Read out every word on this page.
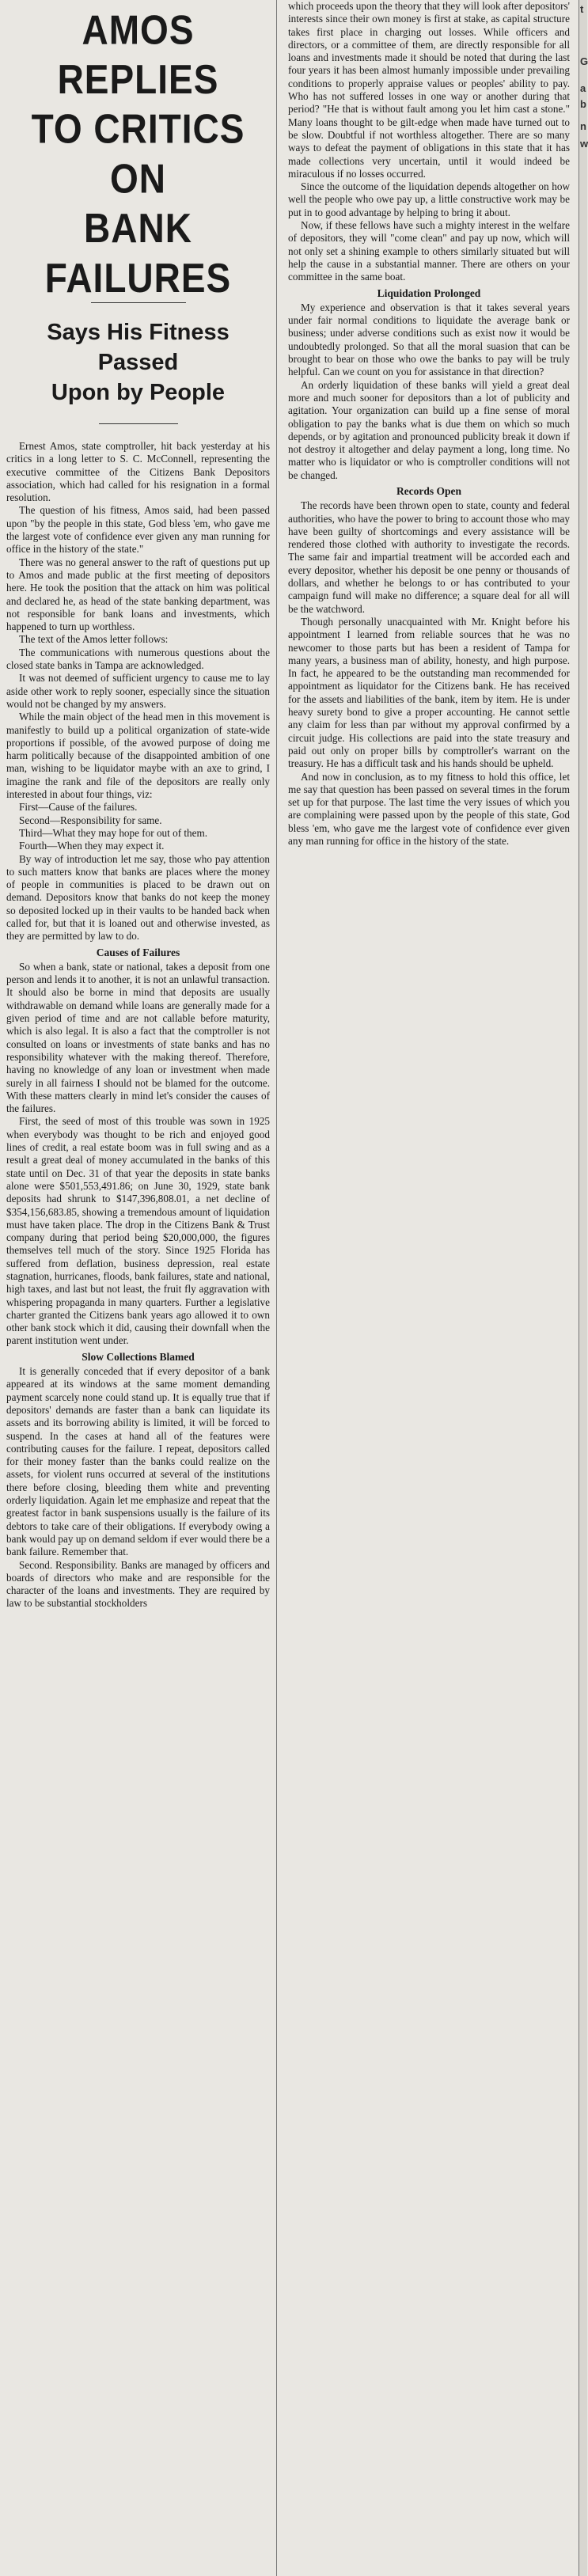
AMOS REPLIES
TO CRITICS ON
BANK FAILURES
Says His Fitness Passed
Upon by People

Ernest Amos, state comptroller, hit back yesterday at his critics in a long letter to S. C. McConnell, representing the executive committee of the Citizens Bank Depositors association, which had called for his resignation in a formal resolution.

The question of his fitness, Amos said, had been passed upon "by the people in this state, God bless 'em, who gave me the largest vote of confidence ever given any man running for office in the history of the state."

There was no general answer to the raft of questions put up to Amos and made public at the first meeting of depositors here. He took the position that the attack on him was political and declared he, as head of the state banking department, was not responsible for bank loans and investments, which happened to turn up worthless.

The text of the Amos letter follows:

The communications with numerous questions about the closed state banks in Tampa are acknowledged.

It was not deemed of sufficient urgency to cause me to lay aside other work to reply sooner, especially since the situation would not be changed by my answers.

While the main object of the head men in this movement is manifestly to build up a political organization of state-wide proportions if possible, of the avowed purpose of doing me harm politically because of the disappointed ambition of one man, wishing to be liquidator maybe with an axe to grind, I imagine the rank and file of the depositors are really only interested in about four things, viz:

First—Cause of the failures.

Second—Responsibility for same.

Third—What they may hope for out of them.

Fourth—When they may expect it.

By way of introduction let me say, those who pay attention to such matters know that banks are places where the money of people in communities is placed to be drawn out on demand. Depositors know that banks do not keep the money so deposited locked up in their vaults to be handed back when called for, but that it is loaned out and otherwise invested, as they are permitted by law to do.

Causes of Failures

So when a bank, state or national, takes a deposit from one person and lends it to another, it is not an unlawful transaction. It should also be borne in mind that deposits are usually withdrawable on demand while loans are generally made for a given period of time and are not callable before maturity, which is also legal. It is also a fact that the comptroller is not consulted on loans or investments of state banks and has no responsibility whatever with the making thereof. Therefore, having no knowledge of any loan or investment when made surely in all fairness I should not be blamed for the outcome. With these matters clearly in mind let's consider the causes of the failures.

First, the seed of most of this trouble was sown in 1925 when everybody was thought to be rich and enjoyed good lines of credit, a real estate boom was in full swing and as a result a great deal of money accumulated in the banks of this state until on Dec. 31 of that year the deposits in state banks alone were $501,553,491.86; on June 30, 1929, state bank deposits had shrunk to $147,396,808.01, a net decline of $354,156,683.85, showing a tremendous amount of liquidation must have taken place. The drop in the Citizens Bank & Trust company during that period being $20,000,000, the figures themselves tell much of the story. Since 1925 Florida has suffered from deflation, business depression, real estate stagnation, hurricanes, floods, bank failures, state and national, high taxes, and last but not least, the fruit fly aggravation with whispering propaganda in many quarters. Further a legislative charter granted the Citizens bank years ago allowed it to own other bank stock which it did, causing their downfall when the parent institution went under.

Slow Collections Blamed

It is generally conceded that if every depositor of a bank appeared at its windows at the same moment demanding payment scarcely none could stand up. It is equally true that if depositors' demands are faster than a bank can liquidate its assets and its borrowing ability is limited, it will be forced to suspend. In the cases at hand all of the features were contributing causes for the failure. I repeat, depositors called for their money faster than the banks could realize on the assets, for violent runs occurred at several of the institutions there before closing, bleeding them white and preventing orderly liquidation. Again let me emphasize and repeat that the greatest factor in bank suspensions usually is the failure of its debtors to take care of their obligations. If everybody owing a bank would pay up on demand seldom if ever would there be a bank failure. Remember that.

Second. Responsibility. Banks are managed by officers and boards of directors who make and are responsible for the character of the loans and investments. They are required by law to be substantial stockholders

which proceeds upon the theory that they will look after depositors' interests since their own money is first at stake, as capital structure takes first place in charging out losses. While officers and directors, or a committee of them, are directly responsible for all loans and investments made it should be noted that during the last four years it has been almost humanly impossible under prevailing conditions to properly appraise values or peoples' ability to pay. Who has not suffered losses in one way or another during that period? "He that is without fault among you let him cast a stone." Many loans thought to be gilt-edge when made have turned out to be slow. Doubtful if not worthless altogether. There are so many ways to defeat the payment of obligations in this state that it has made collections very uncertain, until it would indeed be miraculous if no losses occurred.

Since the outcome of the liquidation depends altogether on how well the people who owe pay up, a little constructive work may be put in to good advantage by helping to bring it about.

Now, if these fellows have such a mighty interest in the welfare of depositors, they will "come clean" and pay up now, which will not only set a shining example to others similarly situated but will help the cause in a substantial manner. There are others on your committee in the same boat.

Liquidation Prolonged

My experience and observation is that it takes several years under fair normal conditions to liquidate the average bank or business; under adverse conditions such as exist now it would be undoubtedly prolonged. So that all the moral suasion that can be brought to bear on those who owe the banks to pay will be truly helpful. Can we count on you for assistance in that direction?

An orderly liquidation of these banks will yield a great deal more and much sooner for depositors than a lot of publicity and agitation. Your organization can build up a fine sense of moral obligation to pay the banks what is due them on which so much depends, or by agitation and pronounced publicity break it down if not destroy it altogether and delay payment a long, long time. No matter who is liquidator or who is comptroller conditions will not be changed.

Records Open

The records have been thrown open to state, county and federal authorities, who have the power to bring to account those who may have been guilty of shortcomings and every assistance will be rendered those clothed with authority to investigate the records. The same fair and impartial treatment will be accorded each and every depositor, whether his deposit be one penny or thousands of dollars, and whether he belongs to or has contributed to your campaign fund will make no difference; a square deal for all will be the watchword.

Though personally unacquainted with Mr. Knight before his appointment I learned from reliable sources that he was no newcomer to those parts but has been a resident of Tampa for many years, a business man of ability, honesty, and high purpose. In fact, he appeared to be the outstanding man recommended for appointment as liquidator for the Citizens bank. He has received for the assets and liabilities of the bank, item by item. He is under heavy surety bond to give a proper accounting. He cannot settle any claim for less than par without my approval confirmed by a circuit judge. His collections are paid into the state treasury and paid out only on proper bills by comptroller's warrant on the treasury. He has a difficult task and his hands should be upheld.

And now in conclusion, as to my fitness to hold this office, let me say that question has been passed on several times in the forum set up for that purpose. The last time the very issues of which you are complaining were passed upon by the people of this state, God bless 'em, who gave me the largest vote of confidence ever given any man running for office in the history of the state.

t
G
a
b
n
w
